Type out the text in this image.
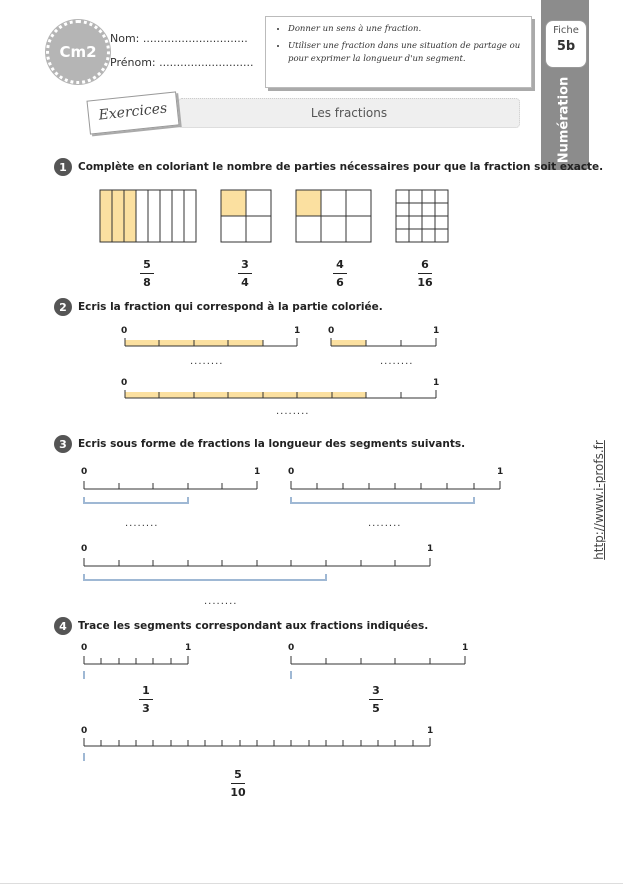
Cm2
Nom: ..............................
Prénom: ...........................
• Donner un sens à une fraction.
• Utiliser une fraction dans une situation de partage ou pour exprimer la longueur d'un segment.
Fiche
5b
Numération
Les fractions
Exercices
1 Complète en coloriant le nombre de parties nécessaires pour que la fraction soit exacte.
5
8
3
4
4
6
6
16
2 Ecris la fraction qui correspond à la partie coloriée.
0	1	0	1
........	........
0	1
........
3 Ecris sous forme de fractions la longueur des segments suivants.
0	1	0	1
........	........
0	1
........
4 Trace les segments correspondant aux fractions indiquées.
0	1	0	1
1
3
3
5
0	1
5
10
http://www.i-profs.fr
